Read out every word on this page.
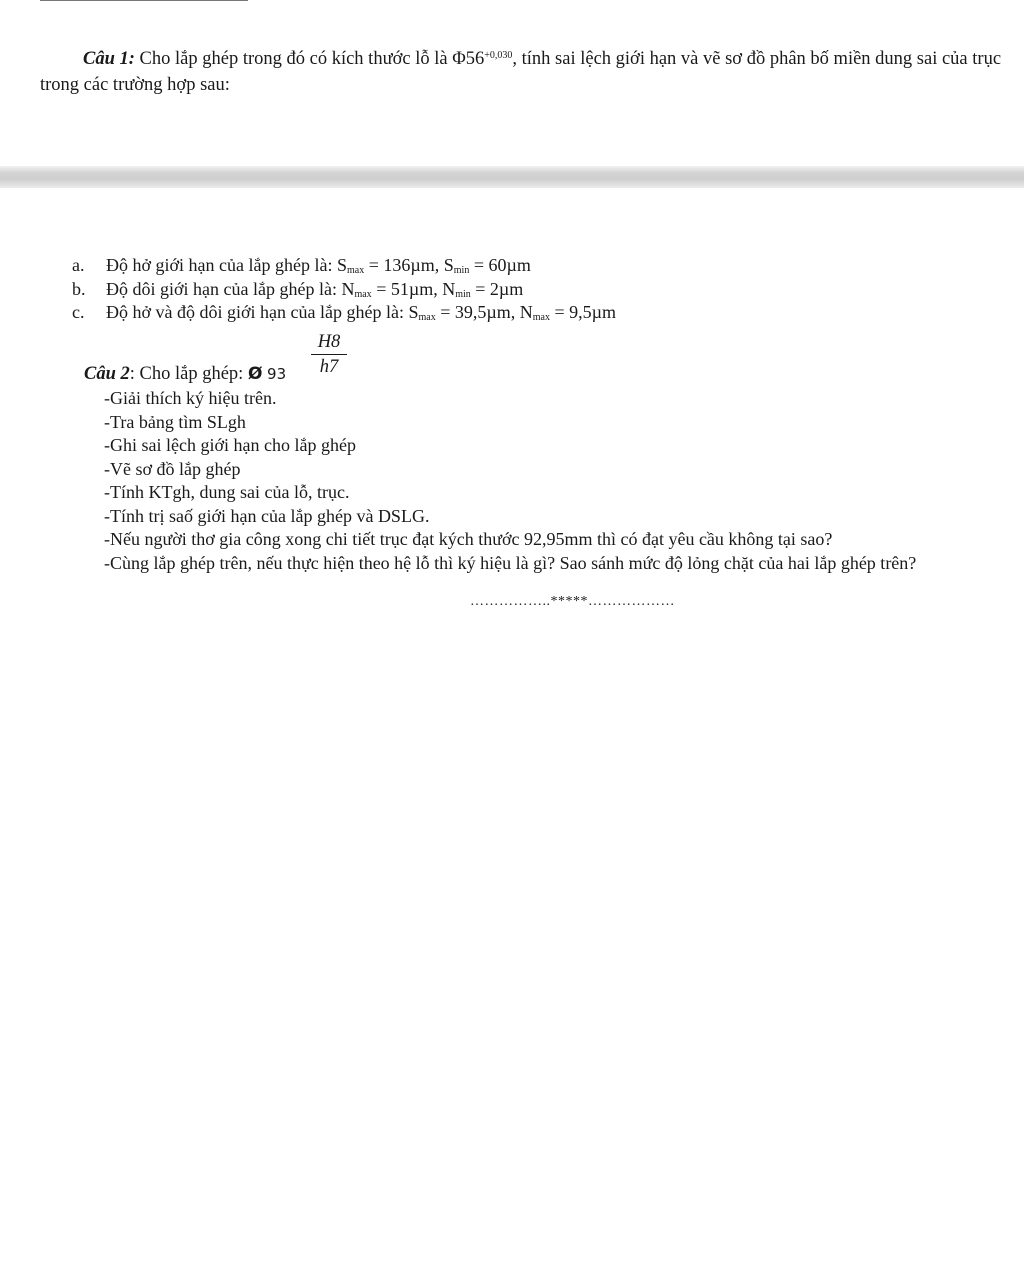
Câu 1: Cho lắp ghép trong đó có kích thước lỗ là $\Phi 56^{+0,030}$, tính sai lệch giới hạn và vẽ sơ đồ phân bố miền dung sai của trục trong các trường hợp sau:

a. Độ hở giới hạn của lắp ghép là: $S_{max} = 136\mu m$, $S_{min} = 60\mu m$
b. Độ dôi giới hạn của lắp ghép là: $N_{max} = 51\mu m$, $N_{min} = 2\mu m$
c. Độ hở và độ dôi giới hạn của lắp ghép là: $S_{max} = 39,5\mu m$, $N_{max} = 9,5\mu m$
Câu 2: Cho lắp ghép: Ø $93 \frac{H8}{h7}$
-Giải thích ký hiệu trên.
-Tra bảng tìm SLgh
-Ghi sai lệch giới hạn cho lắp ghép
-Vẽ sơ đồ lắp ghép
-Tính KTgh, dung sai của lỗ, trục.
-Tính trị saố giới hạn của lắp ghép và DSLG.
-Nếu người thơ gia công xong chi tiết trục đạt kých thước 92,95mm thì có đạt yêu cầu không tại sao?
-Cùng lắp ghép trên, nếu thực hiện theo hệ lỗ thì ký hiệu là gì? Sao sánh mức độ lỏng chặt của hai lắp ghép trên?
……………..*****………………
